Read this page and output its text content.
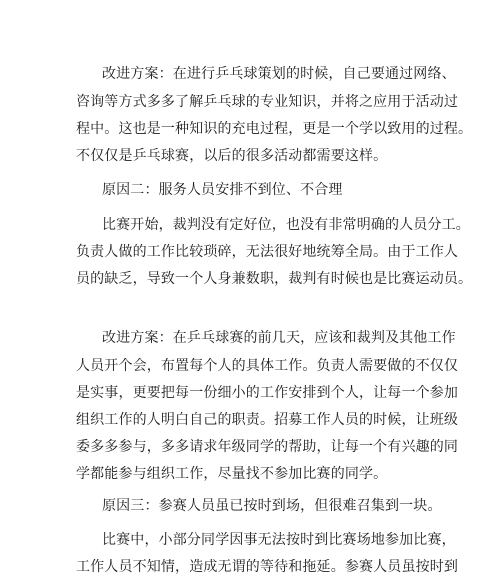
改进方案：在进行乒乓球策划的时候，自己要通过网络、
咨询等方式多多了解乒乓球的专业知识，并将之应用于活动过
程中。这也是一种知识的充电过程，更是一个学以致用的过程。
不仅仅是乒乓球赛，以后的很多活动都需要这样。
原因二：服务人员安排不到位、不合理
比赛开始，裁判没有定好位，也没有非常明确的人员分工。
负责人做的工作比较琐碎，无法很好地统筹全局。由于工作人
员的缺乏，导致一个人身兼数职，裁判有时候也是比赛运动员。
改进方案：在乒乓球赛的前几天，应该和裁判及其他工作
人员开个会，布置每个人的具体工作。负责人需要做的不仅仅
是实事，更要把每一份细小的工作安排到个人，让每一个参加
组织工作的人明白自己的职责。招募工作人员的时候，让班级
委多多参与，多多请求年级同学的帮助，让每一个有兴趣的同
学都能参与组织工作，尽量找不参加比赛的同学。
原因三：参赛人员虽已按时到场，但很难召集到一块。
比赛中，小部分同学因事无法按时到比赛场地参加比赛，
工作人员不知情，造成无谓的等待和拖延。参赛人员虽按时到
